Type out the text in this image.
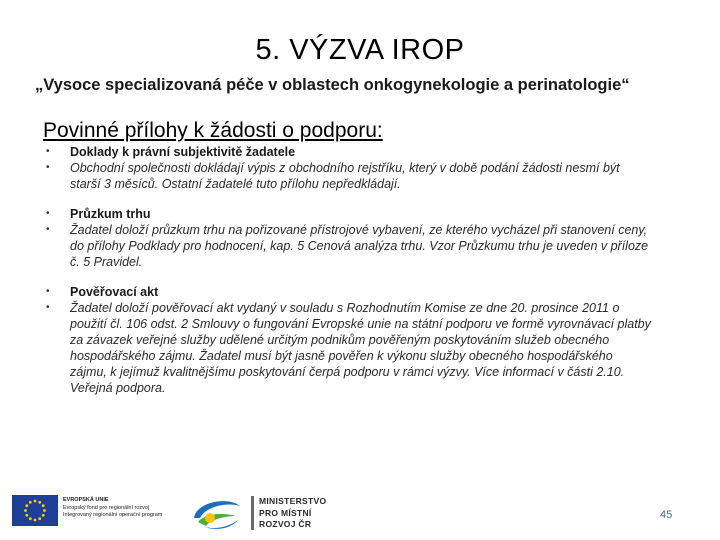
5. VÝZVA IROP
„Vysoce specializovaná péče v oblastech onkogynekologie a perinatologie“
Povinné přílohy k žádosti o podporu:
•	Doklady k právní subjektivitě žadatele
•	Obchodní společnosti dokládají výpis z obchodního rejstříku, který v době podání žádosti nesmí být
starší 3 měsíců. Ostatní žadatelé tuto přílohu nepředkládají.
•	Průzkum trhu
•	Žadatel doloží průzkum trhu na pořizované přístrojové vybavení, ze kterého vycházel při stanovení ceny,
do přílohy Podklady pro hodnocení, kap. 5 Cenová analýza trhu. Vzor Průzkumu trhu je uveden v příloze
č. 5 Pravidel.
•	Pověřovací akt
•	Žadatel doloží pověřovací akt vydaný v souladu s Rozhodnutím Komise ze dne 20. prosince 2011 o
použití čl. 106 odst. 2 Smlouvy o fungování Evropské unie na státní podporu ve formě vyrovnávací platby
za závazek veřejné služby udělené určitým podnikům pověřeným poskytováním služeb obecného
hospodářského zájmu. Žadatel musí být jasně pověřen k výkonu služby obecného hospodářského
zájmu, k jejímuž kvalitnějšímu poskytování čerpá podporu v rámci výzvy. Více informací v části 2.10.
Veřejná podpora.
EVROPSKÁ UNIE
Evropský fond pro regionální rozvoj
Integrovaný regionální operační program
MINISTERSTVO
PRO MÍSTNÍ
ROZVOJ ČR
45
